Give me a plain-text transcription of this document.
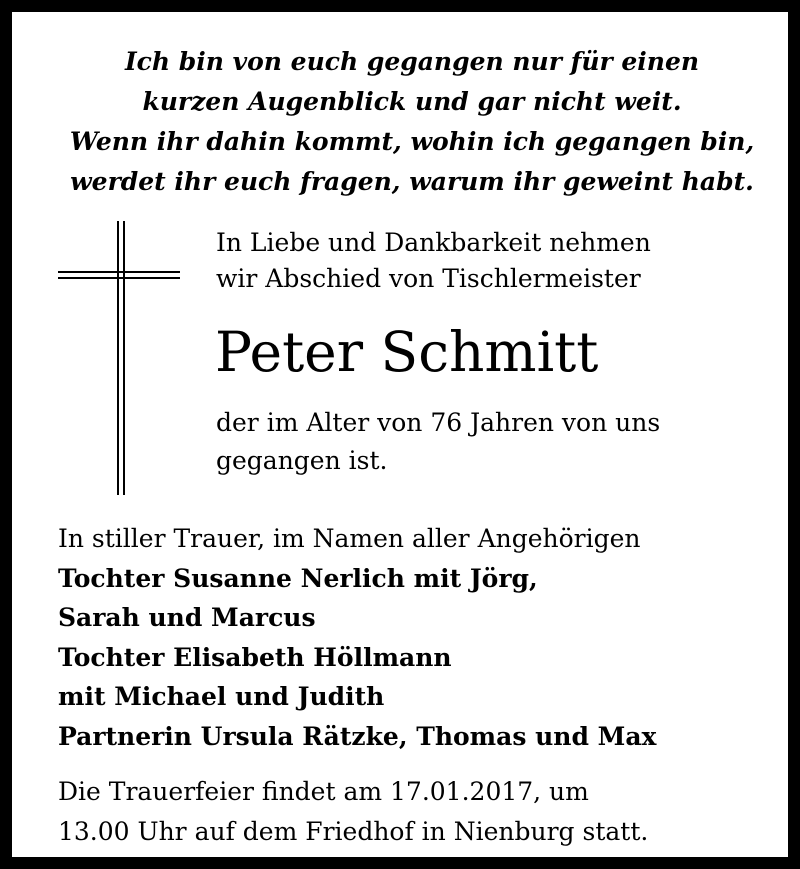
Ich bin von euch gegangen nur für einen
kurzen Augenblick und gar nicht weit.
Wenn ihr dahin kommt, wohin ich gegangen bin,
werdet ihr euch fragen, warum ihr geweint habt.
In Liebe und Dankbarkeit nehmen
wir Abschied von Tischlermeister
Peter Schmitt
der im Alter von 76 Jahren von uns
gegangen ist.
In stiller Trauer, im Namen aller Angehörigen
Tochter Susanne Nerlich mit Jörg,
Sarah und Marcus
Tochter Elisabeth Höllmann
mit Michael und Judith
Partnerin Ursula Rätzke, Thomas und Max
Die Trauerfeier findet am 17.01.2017, um
13.00 Uhr auf dem Friedhof in Nienburg statt.
